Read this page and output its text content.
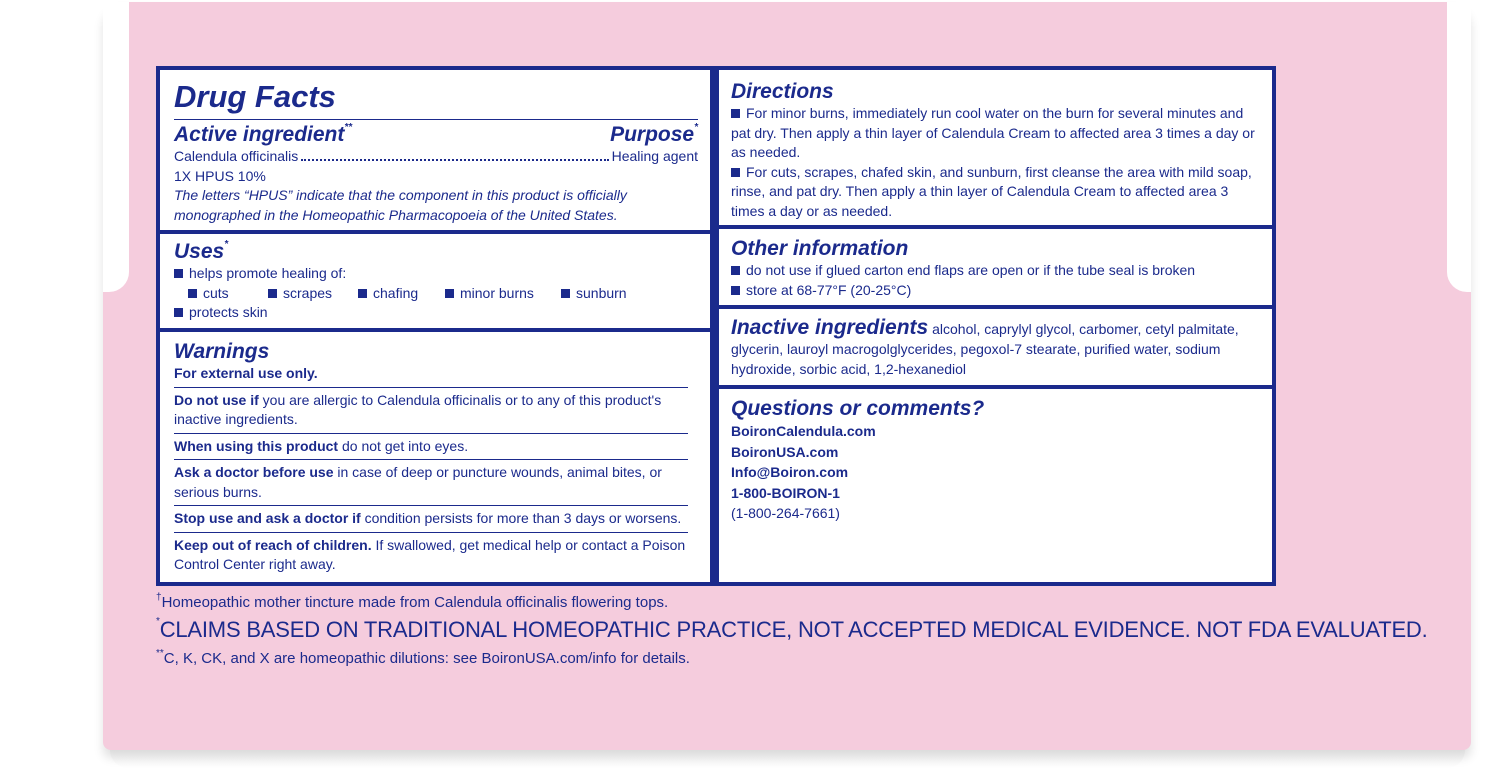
Drug Facts
Active ingredient**	Purpose*
Calendula officinalis	Healing agent
1X HPUS 10%
The letters “HPUS” indicate that the component in this product is officially monographed in the Homeopathic Pharmacopoeia of the United States.
Uses*
helps promote healing of:
cuts	scrapes	chafing	minor burns	sunburn
protects skin
Warnings
For external use only.
Do not use if you are allergic to Calendula officinalis or to any of this product's inactive ingredients.
When using this product do not get into eyes.
Ask a doctor before use in case of deep or puncture wounds, animal bites, or serious burns.
Stop use and ask a doctor if condition persists for more than 3 days or worsens.
Keep out of reach of children. If swallowed, get medical help or contact a Poison Control Center right away.
Directions
For minor burns, immediately run cool water on the burn for several minutes and pat dry. Then apply a thin layer of Calendula Cream to affected area 3 times a day or as needed.
For cuts, scrapes, chafed skin, and sunburn, first cleanse the area with mild soap, rinse, and pat dry. Then apply a thin layer of Calendula Cream to affected area 3 times a day or as needed.
Other information
do not use if glued carton end flaps are open or if the tube seal is broken
store at 68-77°F (20-25°C)
Inactive ingredients alcohol, caprylyl glycol, carbomer, cetyl palmitate, glycerin, lauroyl macrogolglycerides, pegoxol-7 stearate, purified water, sodium hydroxide, sorbic acid, 1,2-hexanediol
Questions or comments?
BoironCalendula.com
BoironUSA.com
Info@Boiron.com
1-800-BOIRON-1
(1-800-264-7661)
†Homeopathic mother tincture made from Calendula officinalis flowering tops.
*CLAIMS BASED ON TRADITIONAL HOMEOPATHIC PRACTICE, NOT ACCEPTED MEDICAL EVIDENCE. NOT FDA EVALUATED.
**C, K, CK, and X are homeopathic dilutions: see BoironUSA.com/info for details.
